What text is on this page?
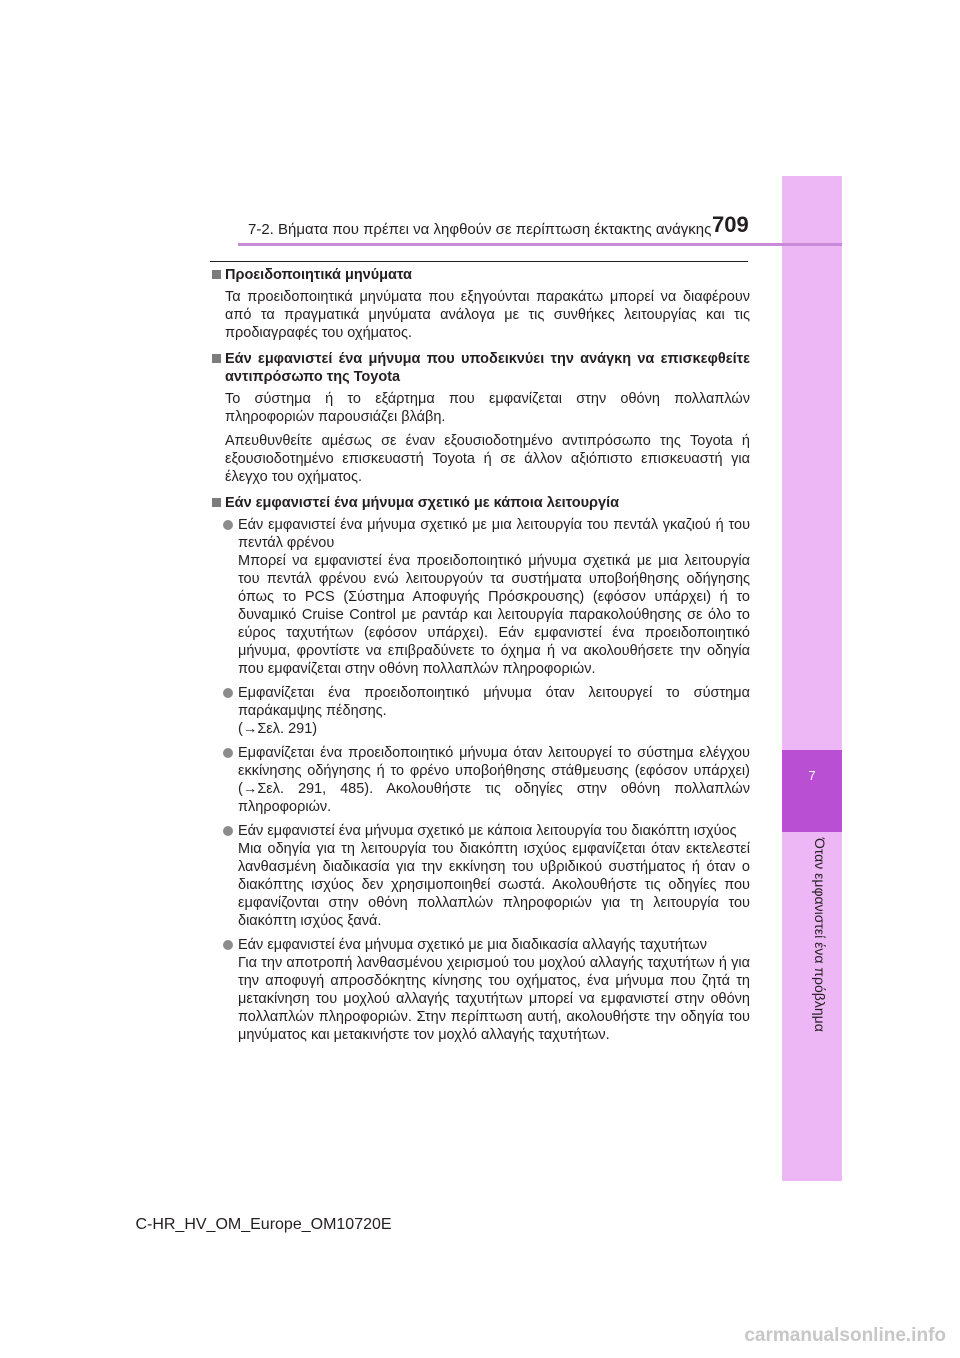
7
Όταν εμφανιστεί ένα πρόβλημα
7-2. Βήματα που πρέπει να ληφθούν σε περίπτωση έκτακτης ανάγκης 709
Προειδοποιητικά μηνύματα
Τα προειδοποιητικά μηνύματα που εξηγούνται παρακάτω μπορεί να διαφέρουν από τα πραγματικά μηνύματα ανάλογα με τις συνθήκες λειτουργίας και τις προδιαγραφές του οχήματος.
Εάν εμφανιστεί ένα μήνυμα που υποδεικνύει την ανάγκη να επισκεφθείτε αντιπρόσωπο της Toyota
Το σύστημα ή το εξάρτημα που εμφανίζεται στην οθόνη πολλαπλών πληροφοριών παρουσιάζει βλάβη.
Απευθυνθείτε αμέσως σε έναν εξουσιοδοτημένο αντιπρόσωπο της Toyota ή εξουσιοδοτημένο επισκευαστή Toyota ή σε άλλον αξιόπιστο επισκευαστή για έλεγχο του οχήματος.
Εάν εμφανιστεί ένα μήνυμα σχετικό με κάποια λειτουργία
Εάν εμφανιστεί ένα μήνυμα σχετικό με μια λειτουργία του πεντάλ γκαζιού ή του πεντάλ φρένου
Μπορεί να εμφανιστεί ένα προειδοποιητικό μήνυμα σχετικά με μια λειτουργία του πεντάλ φρένου ενώ λειτουργούν τα συστήματα υποβοήθησης οδήγησης όπως το PCS (Σύστημα Αποφυγής Πρόσκρουσης) (εφόσον υπάρχει) ή το δυναμικό Cruise Control με ραντάρ και λειτουργία παρακολούθησης σε όλο το εύρος ταχυτήτων (εφόσον υπάρχει). Εάν εμφανιστεί ένα προειδοποιητικό μήνυμα, φροντίστε να επιβραδύνετε το όχημα ή να ακολουθήσετε την οδηγία που εμφανίζεται στην οθόνη πολλαπλών πληροφοριών.
Εμφανίζεται ένα προειδοποιητικό μήνυμα όταν λειτουργεί το σύστημα παράκαμψης πέδησης.
(→Σελ. 291)
Εμφανίζεται ένα προειδοποιητικό μήνυμα όταν λειτουργεί το σύστημα ελέγχου εκκίνησης οδήγησης ή το φρένο υποβοήθησης στάθμευσης (εφόσον υπάρχει) (→Σελ. 291, 485). Ακολουθήστε τις οδηγίες στην οθόνη πολλαπλών πληροφοριών.
Εάν εμφανιστεί ένα μήνυμα σχετικό με κάποια λειτουργία του διακόπτη ισχύος
Μια οδηγία για τη λειτουργία του διακόπτη ισχύος εμφανίζεται όταν εκτελεστεί λανθασμένη διαδικασία για την εκκίνηση του υβριδικού συστήματος ή όταν ο διακόπτης ισχύος δεν χρησιμοποιηθεί σωστά. Ακολουθήστε τις οδηγίες που εμφανίζονται στην οθόνη πολλαπλών πληροφοριών για τη λειτουργία του διακόπτη ισχύος ξανά.
Εάν εμφανιστεί ένα μήνυμα σχετικό με μια διαδικασία αλλαγής ταχυτήτων
Για την αποτροπή λανθασμένου χειρισμού του μοχλού αλλαγής ταχυτήτων ή για την αποφυγή απροσδόκητης κίνησης του οχήματος, ένα μήνυμα που ζητά τη μετακίνηση του μοχλού αλλαγής ταχυτήτων μπορεί να εμφανιστεί στην οθόνη πολλαπλών πληροφοριών. Στην περίπτωση αυτή, ακολουθήστε την οδηγία του μηνύματος και μετακινήστε τον μοχλό αλλαγής ταχυτήτων.
C-HR_HV_OM_Europe_OM10720E
carmanualsonline.info
